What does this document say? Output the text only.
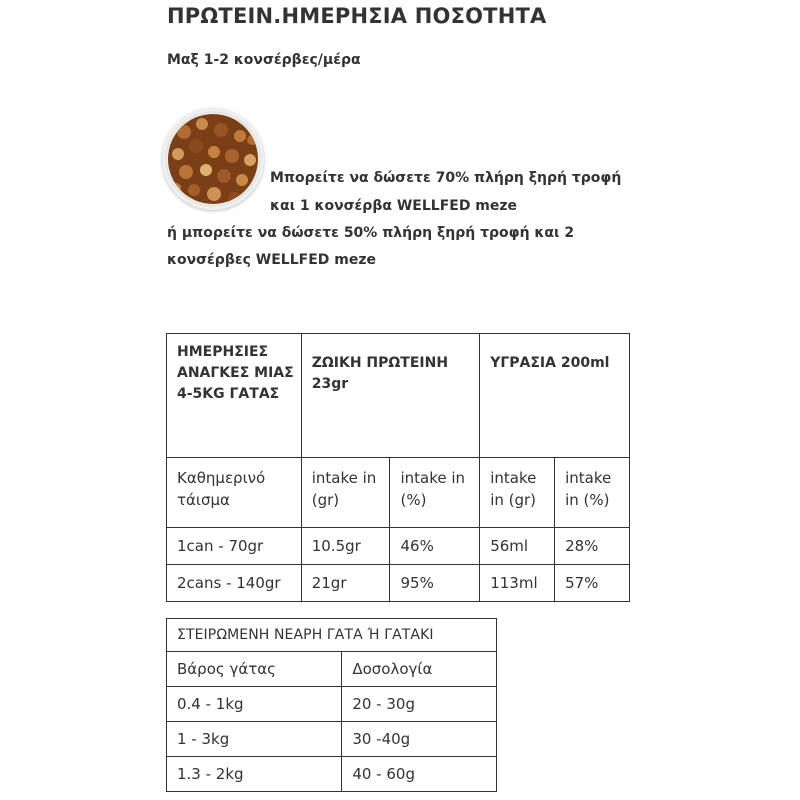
ΠΡΩΤΕΙΝ.ΗΜΕΡΗΣΙΑ ΠΟΣΟΤΗΤΑ
Μαξ 1-2 κονσέρβες/μέρα
Μπορείτε να δώσετε 70% πλήρη ξηρή τροφή
και 1 κονσέρβα WELLFED meze
ή μπορείτε να δώσετε 50% πλήρη ξηρή τροφή και 2
κονσέρβες WELLFED meze
ΗΜΕΡΗΣΙΕΣ ΑΝΑΓΚΕΣ ΜΙΑΣ 4-5KG ΓΑΤΑΣ	ΖΩΙΚΗ ΠΡΩΤΕΙΝΗ 23gr		ΥΓΡΑΣΙΑ 200ml	
Καθημερινό τάισμα	intake in (gr)	intake in (%)	intake in (gr)	intake in (%)
1can - 70gr	10.5gr	46%	56ml	28%
2cans - 140gr	21gr	95%	113ml	57%
ΣΤΕΙΡΩΜΕΝΗ ΝΕΑΡΗ ΓΑΤΑ Ή ΓΑΤΑΚΙ	
Βάρος γάτας	Δοσολογία
0.4 - 1kg	20 - 30g
1 - 3kg	30 -40g
1.3 - 2kg	40 - 60g
